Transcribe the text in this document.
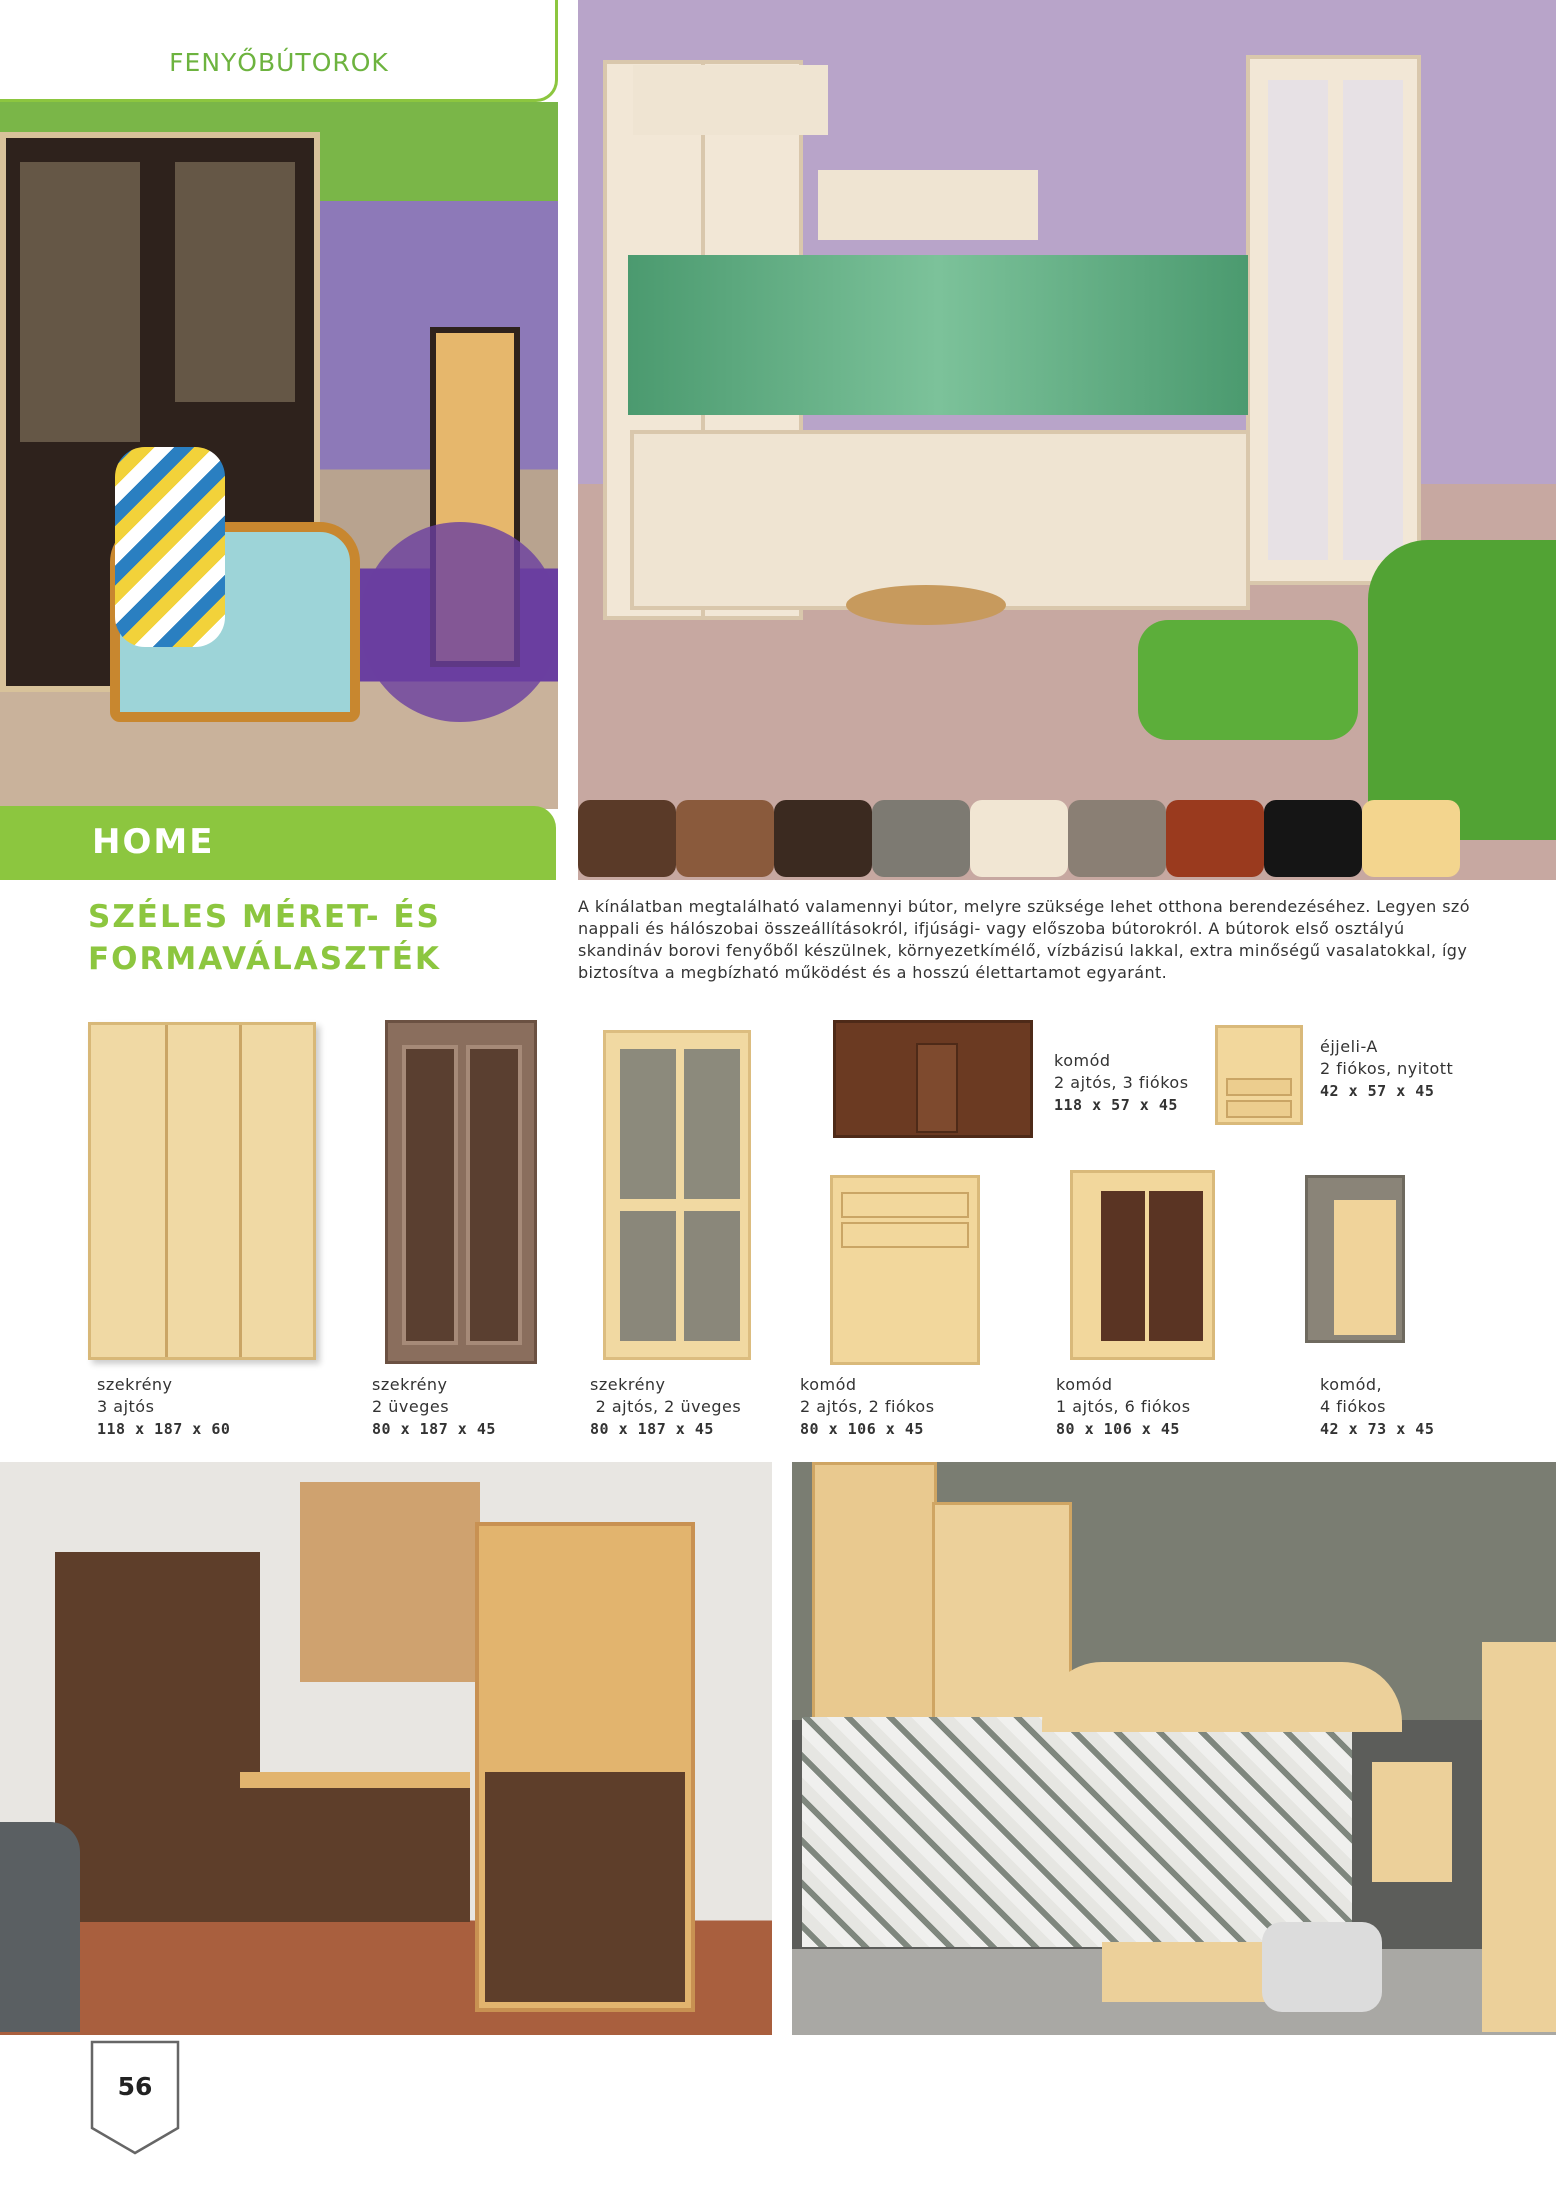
FENYŐBÚTOROK
HOME
SZÉLES MÉRET- ÉS
FORMAVÁLASZTÉK
A kínálatban megtalálható valamennyi bútor, melyre szüksége lehet otthona berendezéséhez. Legyen szó nappali és hálószobai összeállításokról, ifjúsági- vagy előszoba bútorokról. A bútorok első osztályú skandináv borovi fenyőből készülnek, környezetkímélő, vízbázisú lakkal, extra minőségű vasalatokkal, így biztosítva a megbízható működést és a hosszú élettartamot egyaránt.
szekrény
3 ajtós
118 x 187 x 60
szekrény
2 üveges
80 x 187 x 45
szekrény
2 ajtós, 2 üveges
80 x 187 x 45
komód
2 ajtós, 2 fiókos
80 x 106 x 45
komód
1 ajtós, 6 fiókos
80 x 106 x 45
komód,
4 fiókos
42 x 73 x 45
komód
2 ajtós, 3 fiókos
118 x 57 x 45
éjjeli-A
2 fiókos, nyitott
42 x 57 x 45
56
